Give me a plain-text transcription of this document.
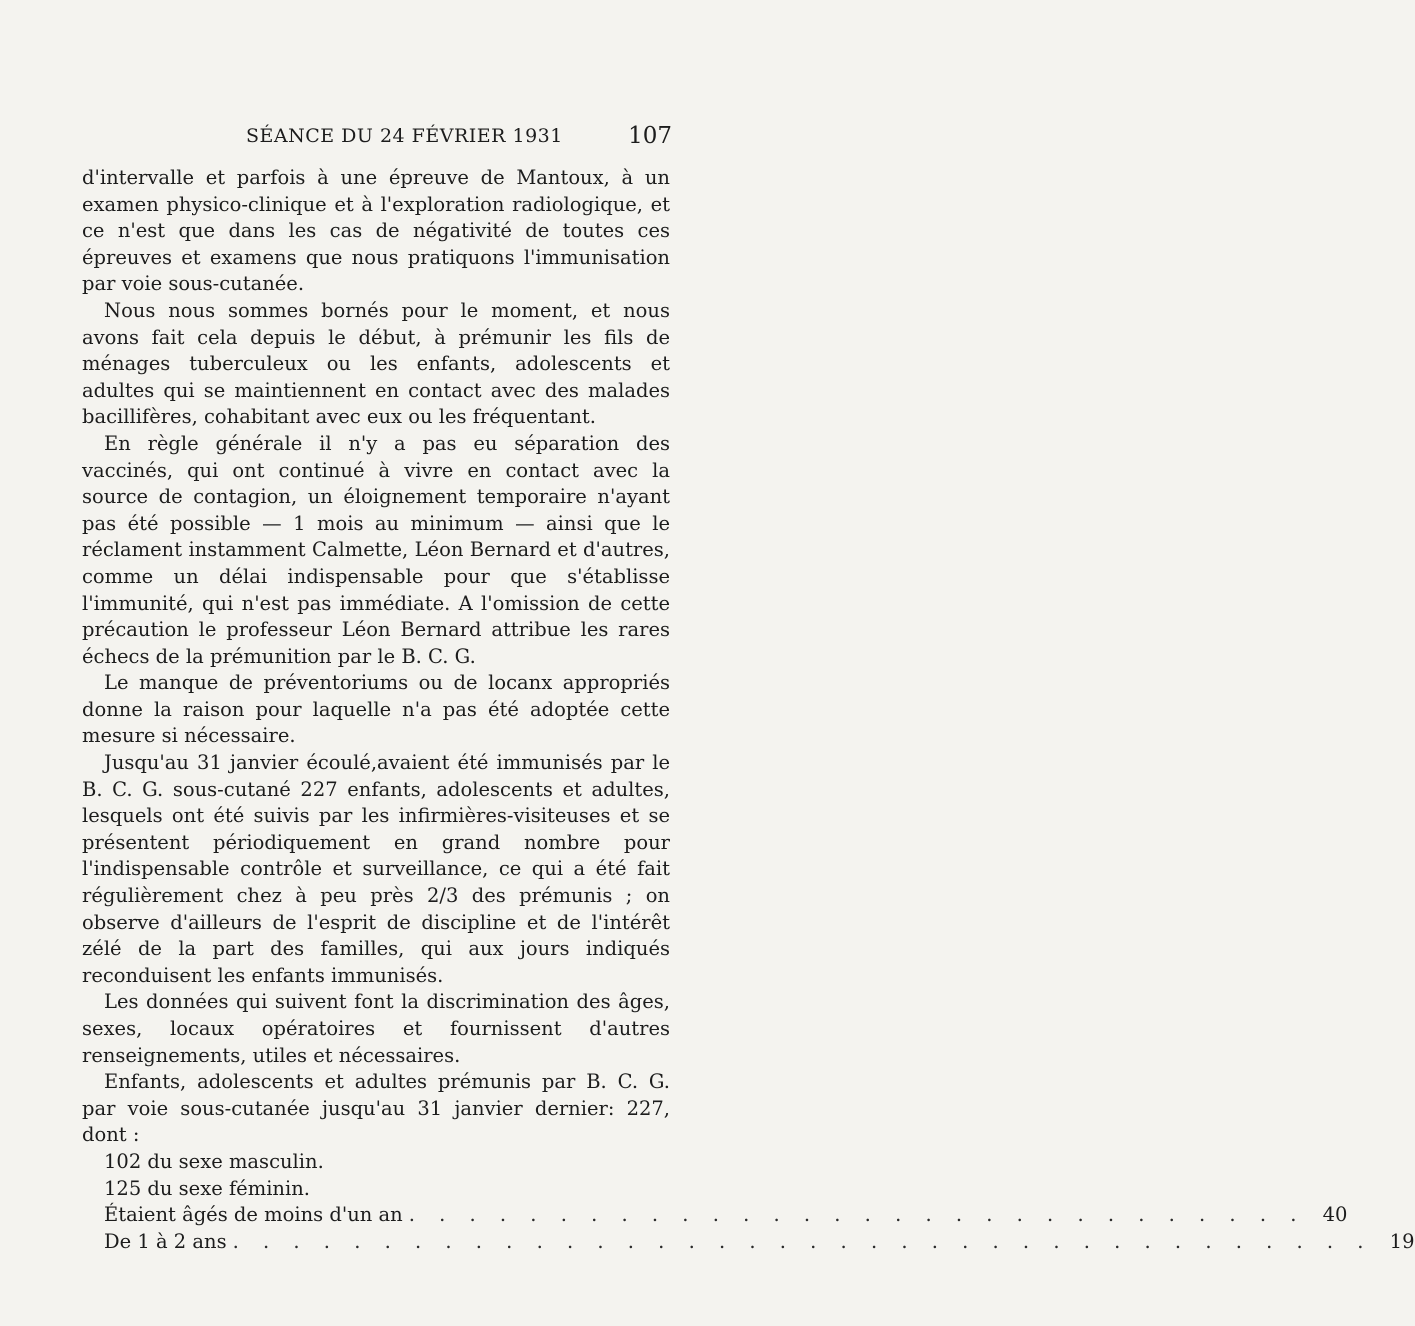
SÉANCE DU 24 FÉVRIER 1931	107

d'intervalle et parfois à une épreuve de Mantoux, à un examen physico-clinique et à l'exploration radiologique, et ce n'est que dans les cas de négativité de toutes ces épreuves et examens que nous pratiquons l'immunisation par voie sous-cutanée.

Nous nous sommes bornés pour le moment, et nous avons fait cela depuis le début, à prémunir les fils de ménages tuberculeux ou les enfants, adolescents et adultes qui se maintiennent en contact avec des malades bacillifères, cohabitant avec eux ou les fréquentant.

En règle générale il n'y a pas eu séparation des vaccinés, qui ont continué à vivre en contact avec la source de contagion, un éloignement temporaire n'ayant pas été possible — 1 mois au minimum — ainsi que le réclament instamment Calmette, Léon Bernard et d'autres, comme un délai indispensable pour que s'établisse l'immunité, qui n'est pas immédiate. A l'omission de cette précaution le professeur Léon Bernard attribue les rares échecs de la prémunition par le B. C. G.

Le manque de préventoriums ou de locanx appropriés donne la raison pour laquelle n'a pas été adoptée cette mesure si nécessaire.

Jusqu'au 31 janvier écoulé,avaient été immunisés par le B. C. G. sous-cutané 227 enfants, adolescents et adultes, lesquels ont été suivis par les infirmières-visiteuses et se présentent périodiquement en grand nombre pour l'indispensable contrôle et surveillance, ce qui a été fait régulièrement chez à peu près 2/3 des prémunis ; on observe d'ailleurs de l'esprit de discipline et de l'intérêt zélé de la part des familles, qui aux jours indiqués reconduisent les enfants immunisés.

Les données qui suivent font la discrimination des âges, sexes, locaux opératoires et fournissent d'autres renseignements, utiles et nécessaires.

Enfants, adolescents et adultes prémunis par B. C. G. par voie sous-cutanée jusqu'au 31 janvier dernier: 227, dont :

102 du sexe masculin.

125 du sexe féminin.

Étaient âgés de moins d'un an . . . . . . . . . . . . . . . . . . . . . . . . . . . . . . 40
De 1 à 2 ans . . . . . . . . . . . . . . . . . . . . . . . . . . . . . . . . . . . . . . 19
